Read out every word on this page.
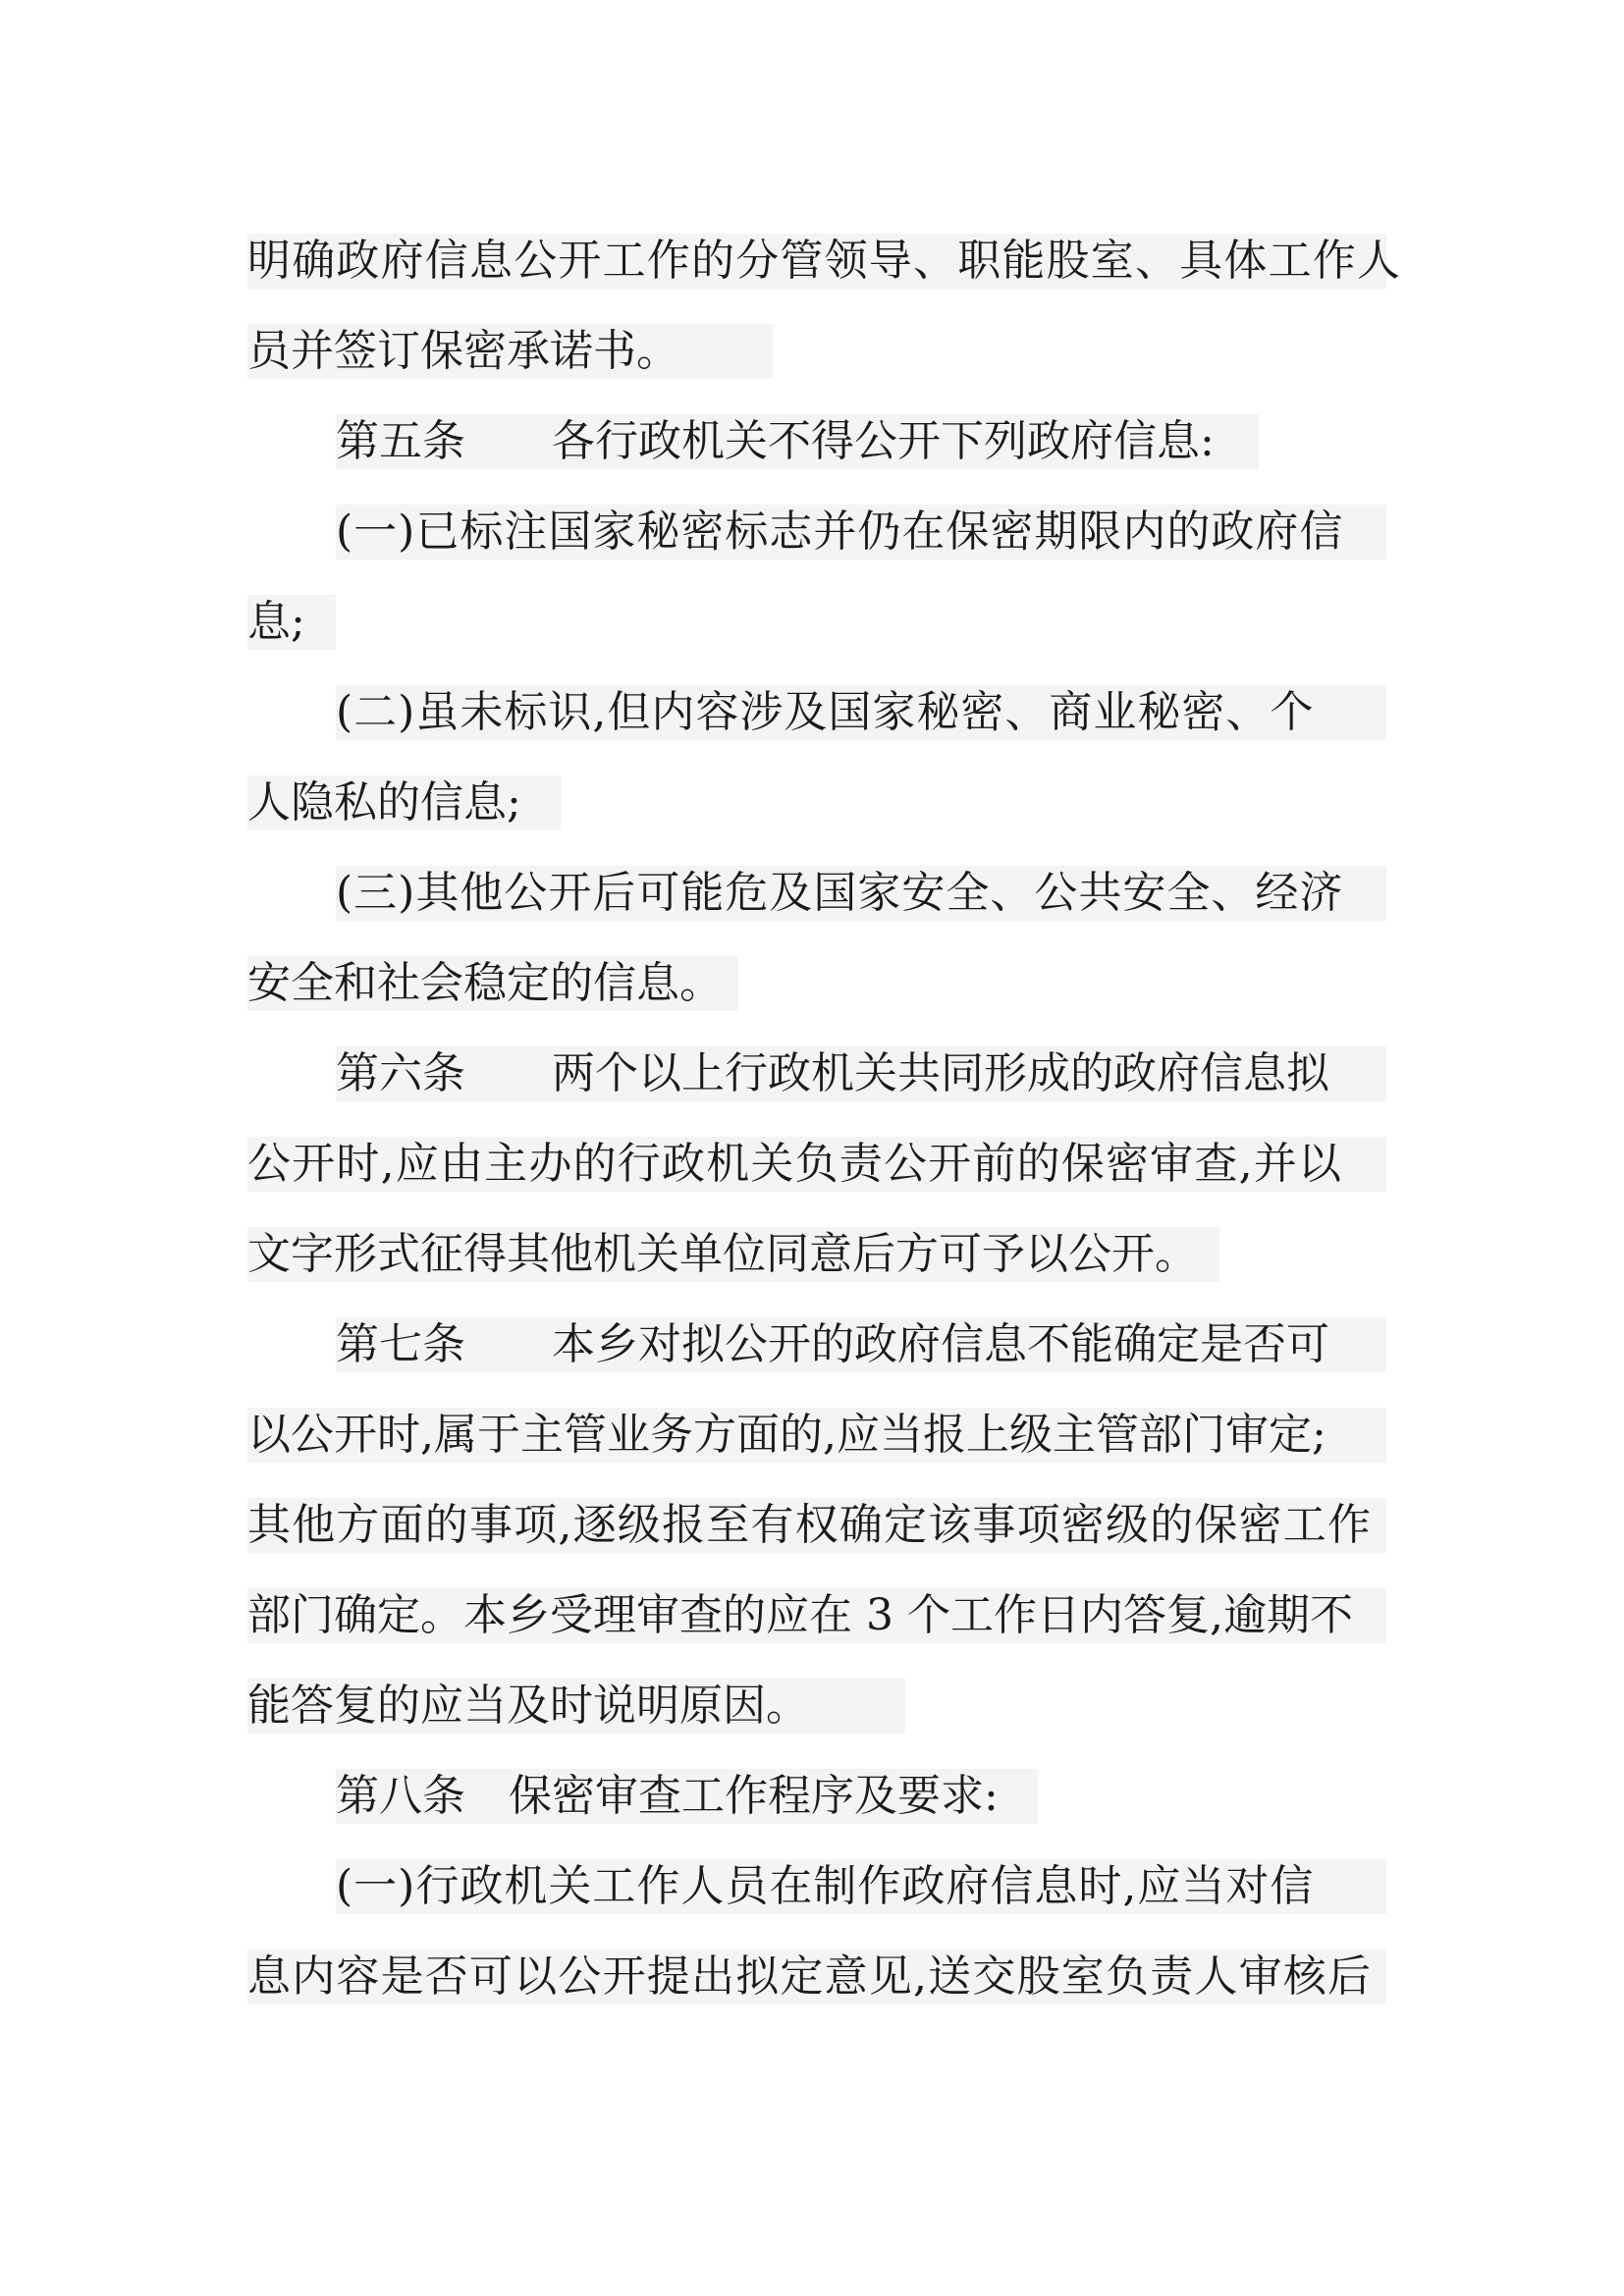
明确政府信息公开工作的分管领导、职能股室、具体工作人
员并签订保密承诺书。
第五条 各行政机关不得公开下列政府信息:
(一)已标注国家秘密标志并仍在保密期限内的政府信
息;
(二)虽未标识,但内容涉及国家秘密、商业秘密、个
人隐私的信息;
(三)其他公开后可能危及国家安全、公共安全、经济
安全和社会稳定的信息。
第六条 两个以上行政机关共同形成的政府信息拟
公开时,应由主办的行政机关负责公开前的保密审查,并以
文字形式征得其他机关单位同意后方可予以公开。
第七条 本乡对拟公开的政府信息不能确定是否可
以公开时,属于主管业务方面的,应当报上级主管部门审定;
其他方面的事项,逐级报至有权确定该事项密级的保密工作
部门确定。本乡受理审查的应在 3 个工作日内答复,逾期不
能答复的应当及时说明原因。
第八条 保密审查工作程序及要求:
(一)行政机关工作人员在制作政府信息时,应当对信
息内容是否可以公开提出拟定意见,送交股室负责人审核后
